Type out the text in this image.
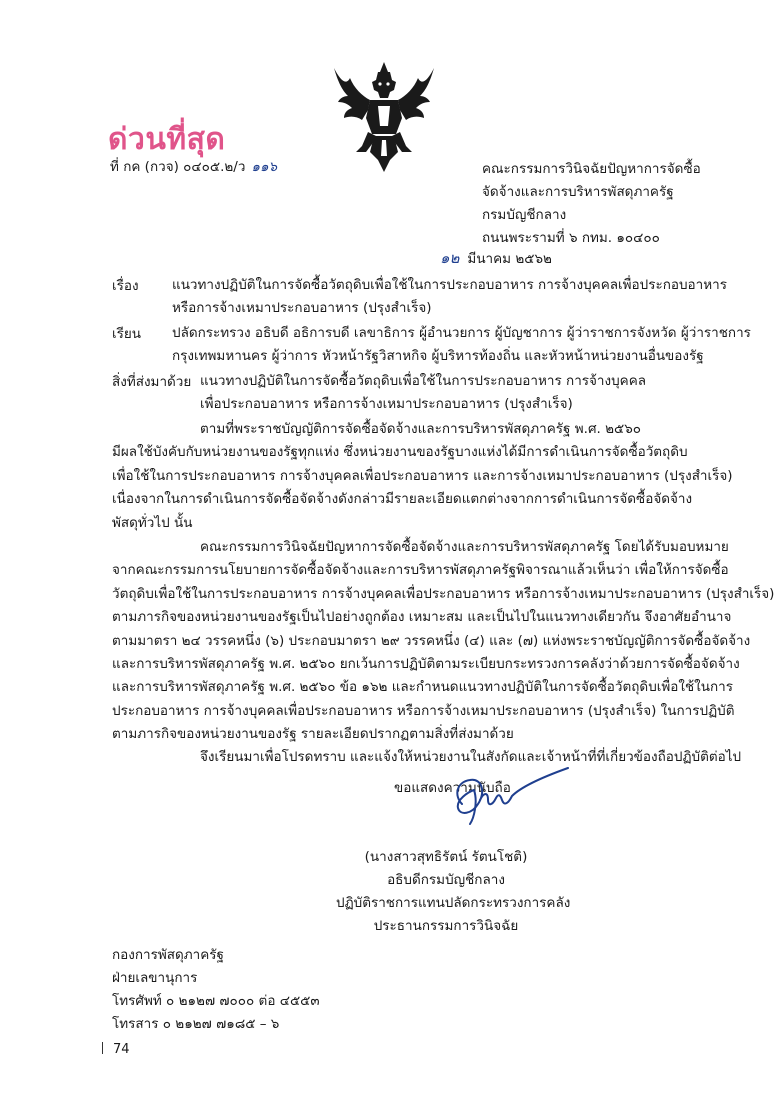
ด่วนที่สุด
ที่ กค (กวจ) ๐๔๐๕.๒/ว ๑๑๖	คณะกรรมการวินิจฉัยปัญหาการจัดซื้อ
จัดจ้างและการบริหารพัสดุภาครัฐ
กรมบัญชีกลาง
ถนนพระรามที่ ๖ กทม. ๑๐๔๐๐
๑๒ มีนาคม ๒๕๖๒
เรื่อง แนวทางปฏิบัติในการจัดซื้อวัตถุดิบเพื่อใช้ในการประกอบอาหาร การจ้างบุคคลเพื่อประกอบอาหาร
หรือการจ้างเหมาประกอบอาหาร (ปรุงสำเร็จ)
เรียน ปลัดกระทรวง อธิบดี อธิการบดี เลขาธิการ ผู้อำนวยการ ผู้บัญชาการ ผู้ว่าราชการจังหวัด ผู้ว่าราชการ
กรุงเทพมหานคร ผู้ว่าการ หัวหน้ารัฐวิสาหกิจ ผู้บริหารท้องถิ่น และหัวหน้าหน่วยงานอื่นของรัฐ
สิ่งที่ส่งมาด้วย แนวทางปฏิบัติในการจัดซื้อวัตถุดิบเพื่อใช้ในการประกอบอาหาร การจ้างบุคคล
เพื่อประกอบอาหาร หรือการจ้างเหมาประกอบอาหาร (ปรุงสำเร็จ)
ตามที่พระราชบัญญัติการจัดซื้อจัดจ้างและการบริหารพัสดุภาครัฐ พ.ศ. ๒๕๖๐
มีผลใช้บังคับกับหน่วยงานของรัฐทุกแห่ง ซึ่งหน่วยงานของรัฐบางแห่งได้มีการดำเนินการจัดซื้อวัตถุดิบ
เพื่อใช้ในการประกอบอาหาร การจ้างบุคคลเพื่อประกอบอาหาร และการจ้างเหมาประกอบอาหาร (ปรุงสำเร็จ)
เนื่องจากในการดำเนินการจัดซื้อจัดจ้างดังกล่าวมีรายละเอียดแตกต่างจากการดำเนินการจัดซื้อจัดจ้าง
พัสดุทั่วไป นั้น
คณะกรรมการวินิจฉัยปัญหาการจัดซื้อจัดจ้างและการบริหารพัสดุภาครัฐ โดยได้รับมอบหมาย
จากคณะกรรมการนโยบายการจัดซื้อจัดจ้างและการบริหารพัสดุภาครัฐพิจารณาแล้วเห็นว่า เพื่อให้การจัดซื้อ
วัตถุดิบเพื่อใช้ในการประกอบอาหาร การจ้างบุคคลเพื่อประกอบอาหาร หรือการจ้างเหมาประกอบอาหาร (ปรุงสำเร็จ)
ตามภารกิจของหน่วยงานของรัฐเป็นไปอย่างถูกต้อง เหมาะสม และเป็นไปในแนวทางเดียวกัน จึงอาศัยอำนาจ
ตามมาตรา ๒๔ วรรคหนึ่ง (๖) ประกอบมาตรา ๒๙ วรรคหนึ่ง (๔) และ (๗) แห่งพระราชบัญญัติการจัดซื้อจัดจ้าง
และการบริหารพัสดุภาครัฐ พ.ศ. ๒๕๖๐ ยกเว้นการปฏิบัติตามระเบียบกระทรวงการคลังว่าด้วยการจัดซื้อจัดจ้าง
และการบริหารพัสดุภาครัฐ พ.ศ. ๒๕๖๐ ข้อ ๑๖๒ และกำหนดแนวทางปฏิบัติในการจัดซื้อวัตถุดิบเพื่อใช้ในการ
ประกอบอาหาร การจ้างบุคคลเพื่อประกอบอาหาร หรือการจ้างเหมาประกอบอาหาร (ปรุงสำเร็จ) ในการปฏิบัติ
ตามภารกิจของหน่วยงานของรัฐ รายละเอียดปรากฏตามสิ่งที่ส่งมาด้วย
จึงเรียนมาเพื่อโปรดทราบ และแจ้งให้หน่วยงานในสังกัดและเจ้าหน้าที่ที่เกี่ยวข้องถือปฏิบัติต่อไป
ขอแสดงความนับถือ
(นางสาวสุทธิรัตน์ รัตนโชติ)
อธิบดีกรมบัญชีกลาง
ปฏิบัติราชการแทนปลัดกระทรวงการคลัง
ประธานกรรมการวินิจฉัย
กองการพัสดุภาครัฐ
ฝ่ายเลขานุการ
โทรศัพท์ ๐ ๒๑๒๗ ๗๐๐๐ ต่อ ๔๕๕๓
โทรสาร ๐ ๒๑๒๗ ๗๑๘๕ – ๖
74
